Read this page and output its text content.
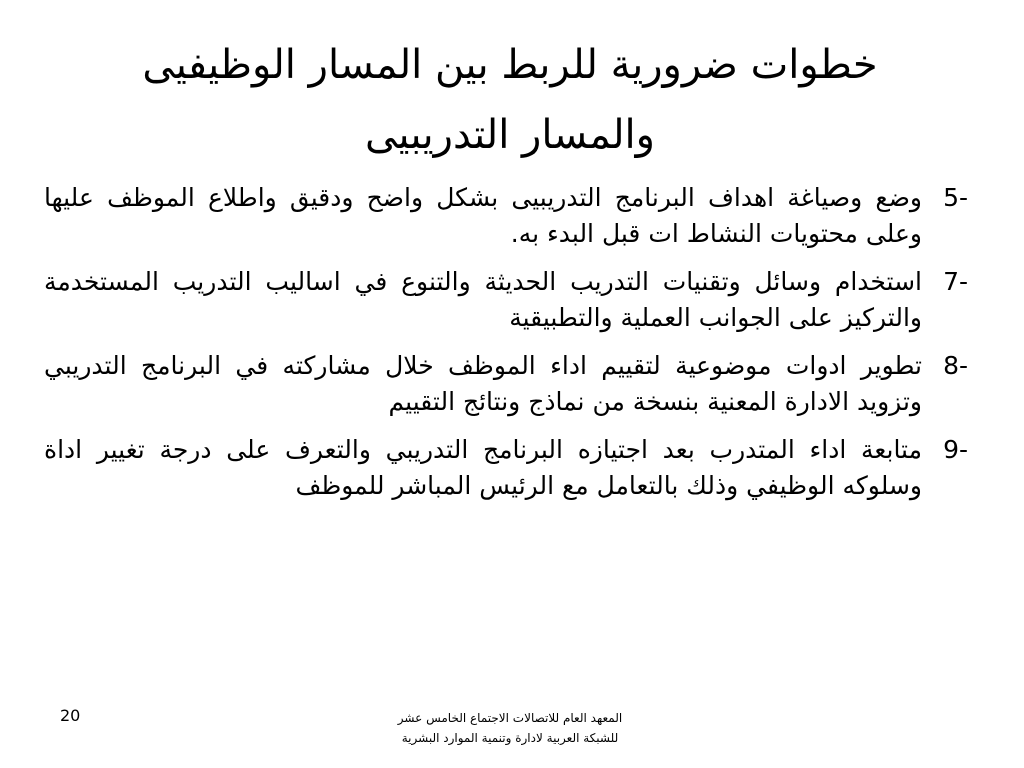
خطوات ضرورية للربط بين المسار الوظيفيى
والمسار التدريبيى
-5
وضع وصياغة اهداف البرنامج التدريبيى بشكل واضح ودقيق واطلاع الموظف عليها وعلى محتويات النشاط ات قبل البدء به.
-7
استخدام وسائل وتقنيات التدريب الحديثة والتنوع في اساليب التدريب المستخدمة والتركيز على الجوانب العملية والتطبيقية
-8
تطوير ادوات موضوعية لتقييم اداء الموظف خلال مشاركته في البرنامج التدريبي وتزويد الادارة المعنية بنسخة من نماذج ونتائج التقييم
-9
متابعة اداء المتدرب بعد اجتيازه البرنامج التدريبي والتعرف على درجة تغيير اداة وسلوكه الوظيفي وذلك بالتعامل مع الرئيس المباشر للموظف
20	المعهد العام للاتصالات الاجتماع الخامس عشر
للشبكة العربية لادارة وتنمية الموارد البشرية
